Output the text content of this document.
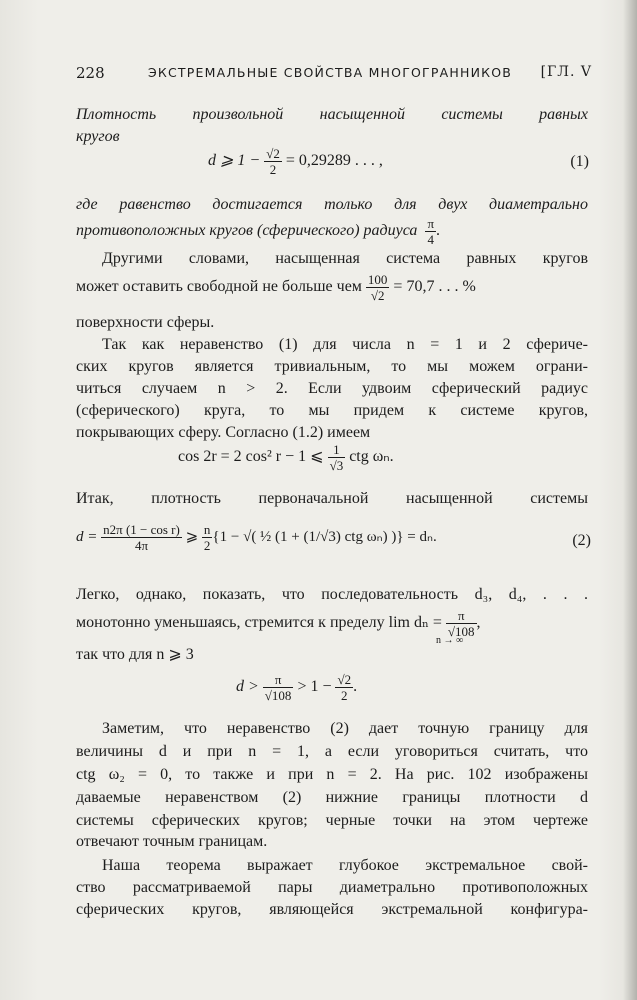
228	ЭКСТРЕМАЛЬНЫЕ СВОЙСТВА МНОГОГРАННИКОВ [ГЛ. V
Плотность произвольной насыщенной системы равных
кругов
d ⩾ $1 - \frac{√2}{2} = 0,29289$ . . . ,	(1)
где равенство достигается только для двух диаметрально
противоположных кругов (сферического) радиуса $\frac{\pi}{4}$ .
Другими словами, насыщенная система равных кругов
может оставить свободной не больше чем $\frac{100}{√2} = 70,7$ . . . %
поверхности сферы.
Так как неравенство (1) для числа n = 1 и 2 сфериче-
ских кругов является тривиальным, то мы можем ограни-
читься случаем n > 2. Если удвоим сферический радиус
(сферического) круга, то мы придем к системе кругов,
покрывающих сферу. Согласно (1.2) имеем
cos 2r = 2 cos² r − 1 ⩽ $\frac{1}{√3}$ ctg ωₙ.
Итак, плотность первоначальной насыщенной системы
$d = \frac{\text{n2π (1 − cos r)}}{4\pi}$ ⩾ $\frac{n}{2} \{1$ − √( ½ (1 + (1/√3) ctg ωₙ) )} = dₙ.	(2)
Легко, однако, показать, что последовательность d₃, d₄, . . .
монотонно уменьшаясь, стремится к пределу $\lim d_n = \frac{\pi}{√108}$ ,
n → ∞
так что для n ⩾ 3
$d > \frac{\pi}{√108} > 1 - \frac{√2}{2}$ .
Заметим, что неравенство (2) дает точную границу для
величины d и при n = 1, а если уговориться считать, что
ctg ω₂ = 0, то также и при n = 2. На рис. 102 изображены
даваемые неравенством (2) нижние границы плотности d
системы сферических кругов; черные точки на этом чертеже
отвечают точным границам.
Наша теорема выражает глубокое экстремальное свой-
ство рассматриваемой пары диаметрально противоположных
сферических кругов, являющейся экстремальной конфигура-
